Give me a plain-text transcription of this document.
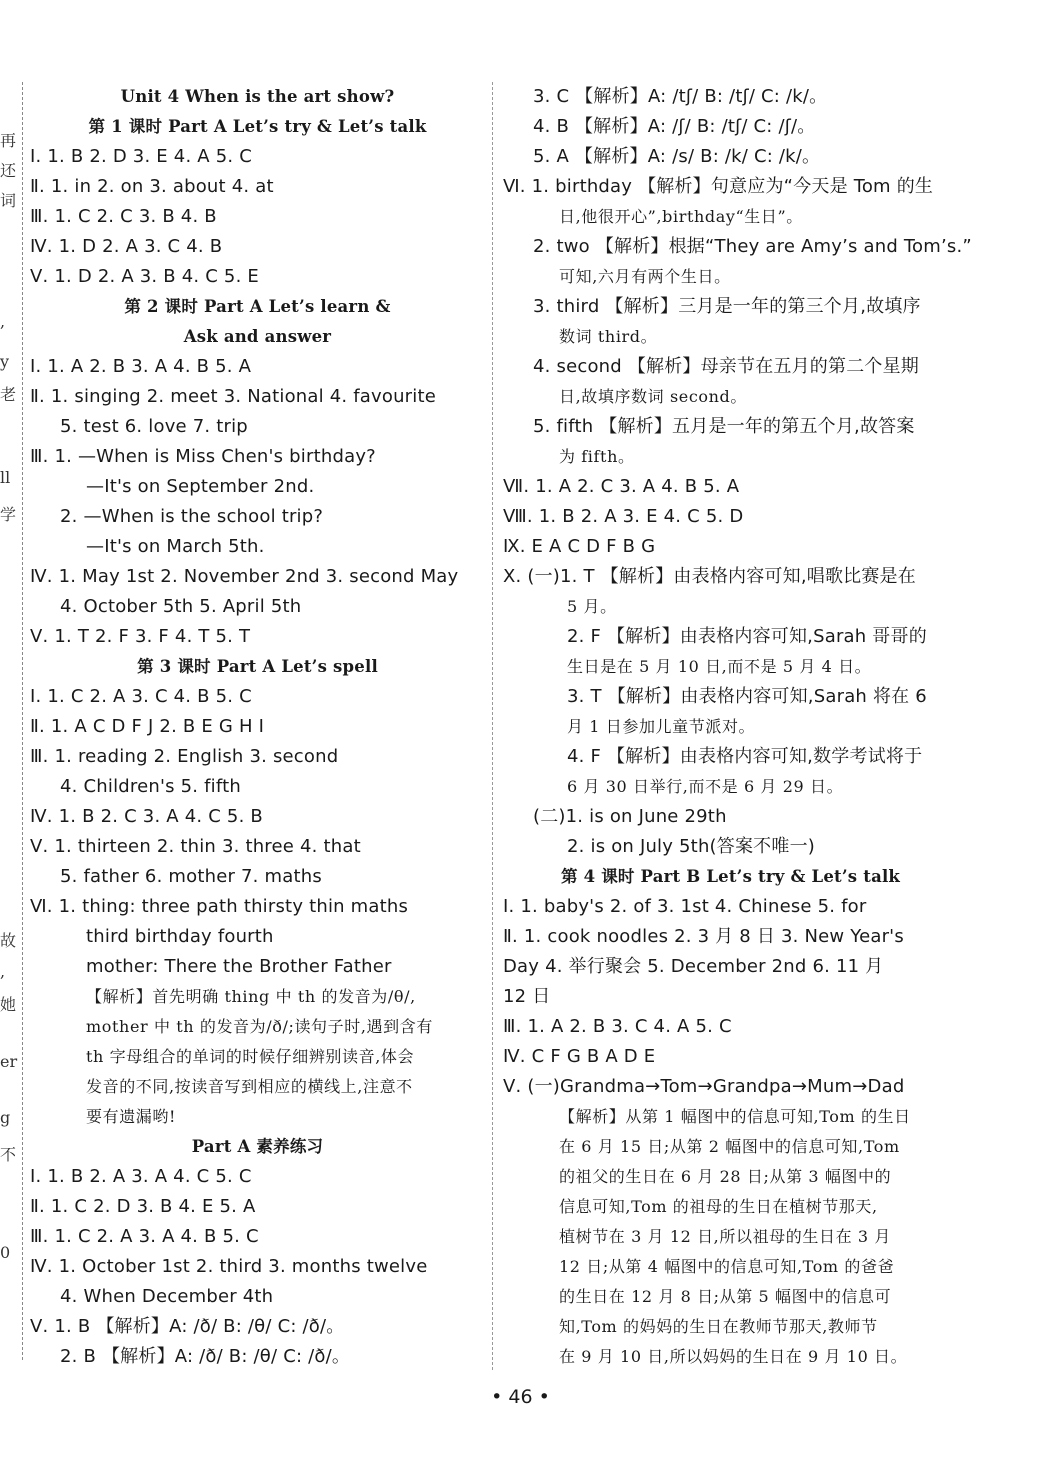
再
还
词
,
y
老
ll
学
故
,
她
er
g
不
0
Unit 4 When is the art show?
第 1 课时 Part A Let’s try & Let’s talk
Ⅰ. 1. B 2. D 3. E 4. A 5. C
Ⅱ. 1. in 2. on 3. about 4. at
Ⅲ. 1. C 2. C 3. B 4. B
Ⅳ. 1. D 2. A 3. C 4. B
Ⅴ. 1. D 2. A 3. B 4. C 5. E
第 2 课时 Part A Let’s learn &
Ask and answer
Ⅰ. 1. A 2. B 3. A 4. B 5. A
Ⅱ. 1. singing 2. meet 3. National 4. favourite
5. test 6. love 7. trip
Ⅲ. 1. —When is Miss Chen's birthday?
—It's on September 2nd.
2. —When is the school trip?
—It's on March 5th.
Ⅳ. 1. May 1st 2. November 2nd 3. second May
4. October 5th 5. April 5th
Ⅴ. 1. T 2. F 3. F 4. T 5. T
第 3 课时 Part A Let’s spell
Ⅰ. 1. C 2. A 3. C 4. B 5. C
Ⅱ. 1. A C D F J 2. B E G H I
Ⅲ. 1. reading 2. English 3. second
4. Children's 5. fifth
Ⅳ. 1. B 2. C 3. A 4. C 5. B
Ⅴ. 1. thirteen 2. thin 3. three 4. that
5. father 6. mother 7. maths
Ⅵ. 1. thing: three path thirsty thin maths
third birthday fourth
mother: There the Brother Father
【解析】首先明确 thing 中 th 的发音为/θ/,
mother 中 th 的发音为/ð/;读句子时,遇到含有
th 字母组合的单词的时候仔细辨别读音,体会
发音的不同,按读音写到相应的横线上,注意不
要有遗漏哟!
Part A 素养练习
Ⅰ. 1. B 2. A 3. A 4. C 5. C
Ⅱ. 1. C 2. D 3. B 4. E 5. A
Ⅲ. 1. C 2. A 3. A 4. B 5. C
Ⅳ. 1. October 1st 2. third 3. months twelve
4. When December 4th
Ⅴ. 1. B 【解析】A: /ð/ B: /θ/ C: /ð/。
2. B 【解析】A: /ð/ B: /θ/ C: /ð/。
3. C 【解析】A: /tʃ/ B: /tʃ/ C: /k/。
4. B 【解析】A: /ʃ/ B: /tʃ/ C: /ʃ/。
5. A 【解析】A: /s/ B: /k/ C: /k/。
Ⅵ. 1. birthday 【解析】句意应为“今天是 Tom 的生
日,他很开心”,birthday“生日”。
2. two 【解析】根据“They are Amy’s and Tom’s.”
可知,六月有两个生日。
3. third 【解析】三月是一年的第三个月,故填序
数词 third。
4. second 【解析】母亲节在五月的第二个星期
日,故填序数词 second。
5. fifth 【解析】五月是一年的第五个月,故答案
为 fifth。
Ⅶ. 1. A 2. C 3. A 4. B 5. A
Ⅷ. 1. B 2. A 3. E 4. C 5. D
Ⅸ. E A C D F B G
Ⅹ. (一)1. T 【解析】由表格内容可知,唱歌比赛是在
5 月。
2. F 【解析】由表格内容可知,Sarah 哥哥的
生日是在 5 月 10 日,而不是 5 月 4 日。
3. T 【解析】由表格内容可知,Sarah 将在 6
月 1 日参加儿童节派对。
4. F 【解析】由表格内容可知,数学考试将于
6 月 30 日举行,而不是 6 月 29 日。
(二)1. is on June 29th
2. is on July 5th(答案不唯一)
第 4 课时 Part B Let’s try & Let’s talk
Ⅰ. 1. baby's 2. of 3. 1st 4. Chinese 5. for
Ⅱ. 1. cook noodles 2. 3 月 8 日 3. New Year's
Day 4. 举行聚会 5. December 2nd 6. 11 月
12 日
Ⅲ. 1. A 2. B 3. C 4. A 5. C
Ⅳ. C F G B A D E
Ⅴ. (一)Grandma→Tom→Grandpa→Mum→Dad
【解析】从第 1 幅图中的信息可知,Tom 的生日
在 6 月 15 日;从第 2 幅图中的信息可知,Tom
的祖父的生日在 6 月 28 日;从第 3 幅图中的
信息可知,Tom 的祖母的生日在植树节那天,
植树节在 3 月 12 日,所以祖母的生日在 3 月
12 日;从第 4 幅图中的信息可知,Tom 的爸爸
的生日在 12 月 8 日;从第 5 幅图中的信息可
知,Tom 的妈妈的生日在教师节那天,教师节
在 9 月 10 日,所以妈妈的生日在 9 月 10 日。
• 46 •
